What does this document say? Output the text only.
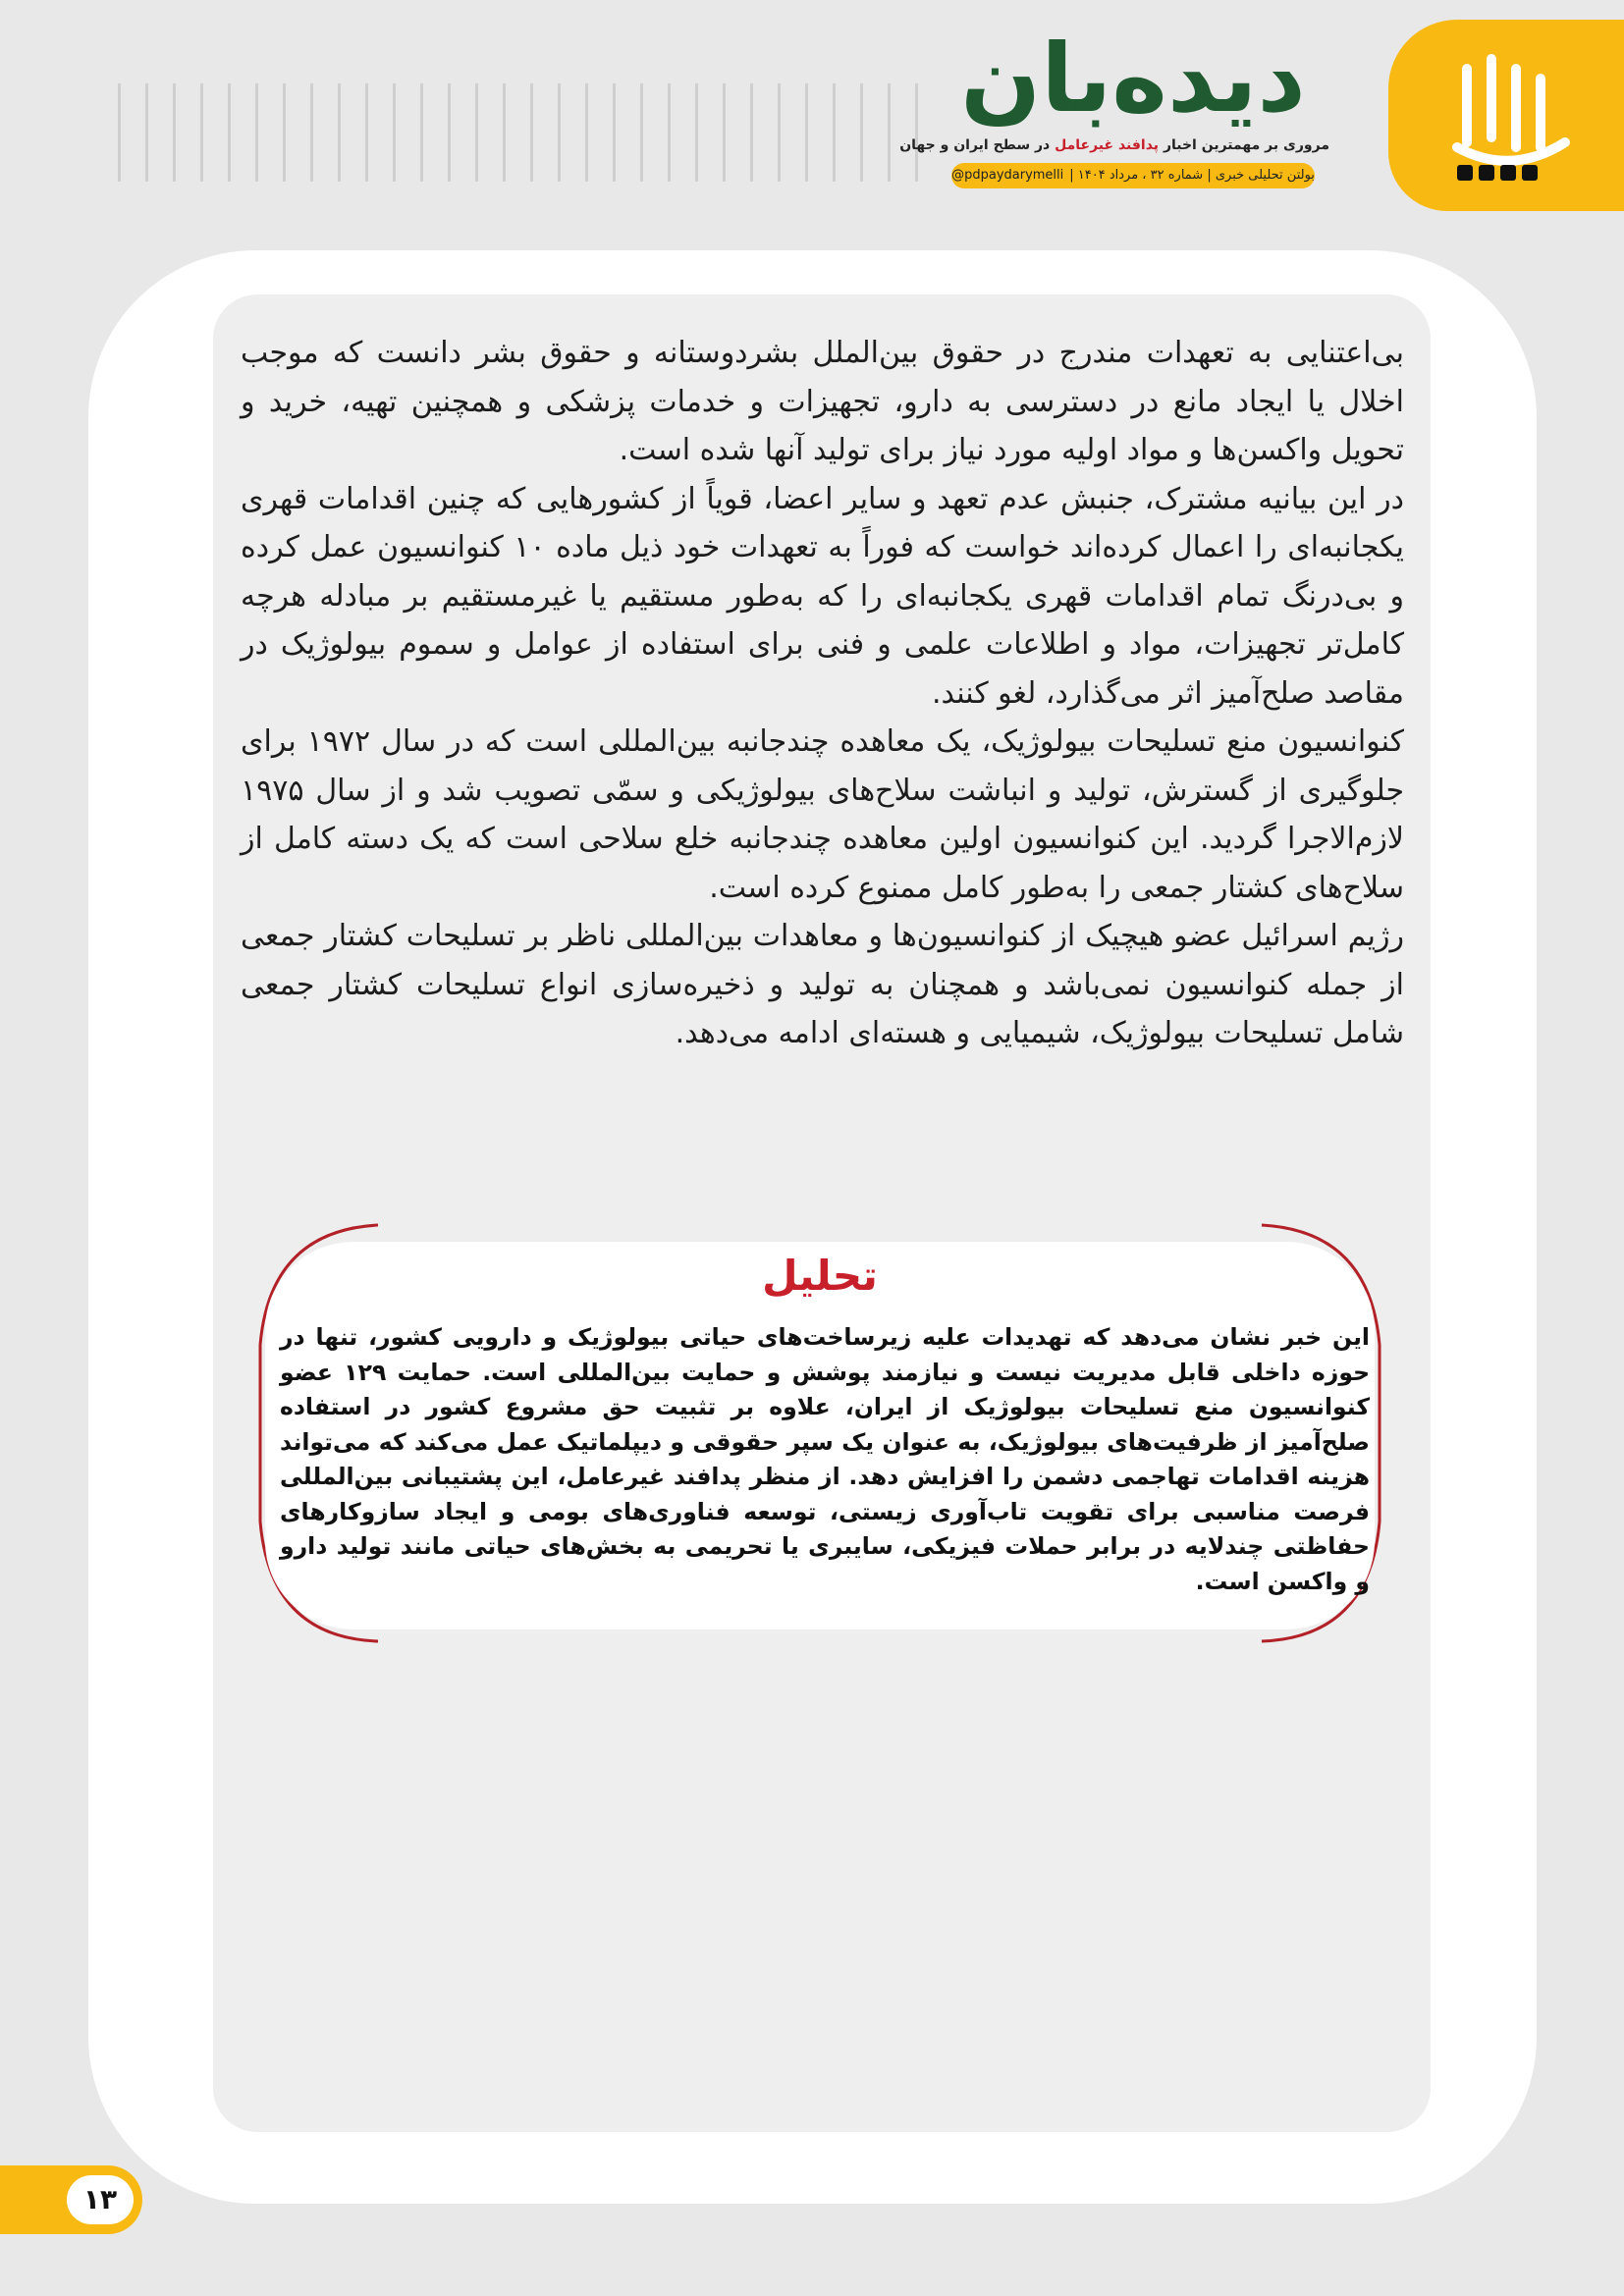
دیده‌بان
مروری بر مهمترین اخبار پدافند غیرعامل در سطح ایران و جهان
بولتن تحلیلی خبری | شماره ۳۲ ، مرداد ۱۴۰۴ |
@pdpaydarymelli

بی‌اعتنایی به تعهدات مندرج در حقوق بین‌الملل بشردوستانه و حقوق بشر دانست که موجب اخلال یا ایجاد مانع در دسترسی به دارو، تجهیزات و خدمات پزشکی و همچنین تهیه، خرید و تحویل واکسن‌ها و مواد اولیه مورد نیاز برای تولید آنها شده است.

در این بیانیه مشترک، جنبش عدم تعهد و سایر اعضا، قویاً از کشورهایی که چنین اقدامات قهری یکجانبه‌ای را اعمال کرده‌اند خواست که فوراً به تعهدات خود ذیل ماده ۱۰ کنوانسیون عمل کرده و بی‌درنگ تمام اقدامات قهری یکجانبه‌ای را که به‌طور مستقیم یا غیرمستقیم بر مبادله هرچه کامل‌تر تجهیزات، مواد و اطلاعات علمی و فنی برای استفاده از عوامل و سموم بیولوژیک در مقاصد صلح‌آمیز اثر می‌گذارد، لغو کنند.

کنوانسیون منع تسلیحات بیولوژیک، یک معاهده چندجانبه بین‌المللی است که در سال ۱۹۷۲ برای جلوگیری از گسترش، تولید و انباشت سلاح‌های بیولوژیکی و سمّی تصویب شد و از سال ۱۹۷۵ لازم‌الاجرا گردید. این کنوانسیون اولین معاهده چندجانبه خلع سلاحی است که یک دسته کامل از سلاح‌های کشتار جمعی را به‌طور کامل ممنوع کرده است.

رژیم اسرائیل عضو هیچیک از کنوانسیون‌ها و معاهدات بین‌المللی ناظر بر تسلیحات کشتار جمعی از جمله کنوانسیون نمی‌باشد و همچنان به تولید و ذخیره‌سازی انواع تسلیحات کشتار جمعی شامل تسلیحات بیولوژیک، شیمیایی و هسته‌ای ادامه می‌دهد.

تحلیل
این خبر نشان می‌دهد که تهدیدات علیه زیرساخت‌های حیاتی بیولوژیک و دارویی کشور، تنها در حوزه داخلی قابل مدیریت نیست و نیازمند پوشش و حمایت بین‌المللی است. حمایت ۱۲۹ عضو کنوانسیون منع تسلیحات بیولوژیک از ایران، علاوه بر تثبیت حق مشروع کشور در استفاده صلح‌آمیز از ظرفیت‌های بیولوژیک، به عنوان یک سپر حقوقی و دیپلماتیک عمل می‌کند که می‌تواند هزینه اقدامات تهاجمی دشمن را افزایش دهد. از منظر پدافند غیرعامل، این پشتیبانی بین‌المللی فرصت مناسبی برای تقویت تاب‌آوری زیستی، توسعه فناوری‌های بومی و ایجاد سازوکارهای حفاظتی چندلایه در برابر حملات فیزیکی، سایبری یا تحریمی به بخش‌های حیاتی مانند تولید دارو و واکسن است.
۱۳
